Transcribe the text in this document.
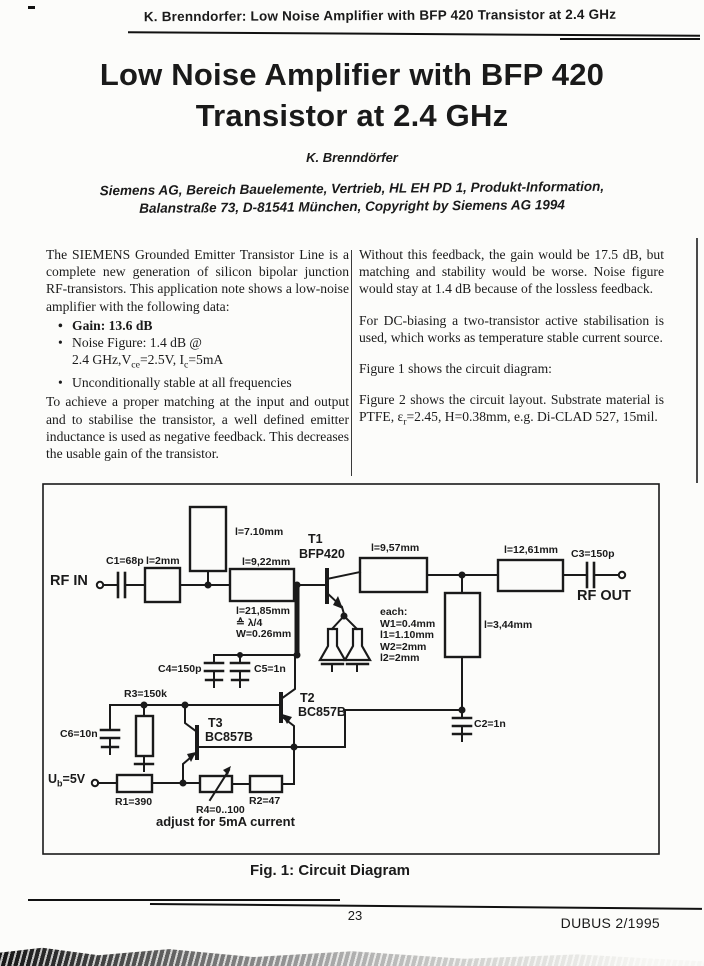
K. Brenndorfer: Low Noise Amplifier with BFP 420 Transistor at 2.4 GHz
Low Noise Amplifier with BFP 420
Transistor at 2.4 GHz
K. Brenndörfer
Siemens AG, Bereich Bauelemente, Vertrieb, HL EH PD 1, Produkt-Information,
Balanstraße 73, D-81541 München, Copyright by Siemens AG 1994

The SIEMENS Grounded Emitter Transistor Line is a complete new generation of silicon bipolar junction RF-transistors. This application note shows a low-noise amplifier with the following data:

• Gain: 13.6 dB
• Noise Figure: 1.4 dB @
2.4 $GHz,V_{ce}=2.5V$, $I_c=5mA$
• Unconditionally stable at all frequencies

To achieve a proper matching at the input and output and to stabilise the transistor, a well defined emitter inductance is used as negative feedback. This decreases the usable gain of the transistor.

Without this feedback, the gain would be 17.5 dB, but matching and stability would be worse. Noise figure would stay at 1.4 dB because of the lossless feedback.

For DC-biasing a two-transistor active stabilisation is used, which works as temperature stable current source.

Figure 1 shows the circuit diagram:

Figure 2 shows the circuit layout. Substrate material is PTFE, $\varepsilon_r=2.45$, H=0.38mm, e.g. Di-CLAD 527, 15mil.

RF IN
C1=68p l=2mm
l=7.10mm
l=9,22mm
l=21,85mm
≙ λ/4
W=0.26mm
T1
BFP420 l=9,57mm	l=12,61mm C3=150p
RF OUT
l=3,44mm
C2=1n
each:
W1=0.4mm
l1=1.10mm
W2=2mm
l2=2mm
C4=150p	C5=1n
R3=150k
C6=10n
T2
BC857B
T3
BC857B
$U_b=5V$
R1=390
R4=0..100
R2=47
adjust for 5mA current
Fig. 1: Circuit Diagram
23	DUBUS 2/1995
